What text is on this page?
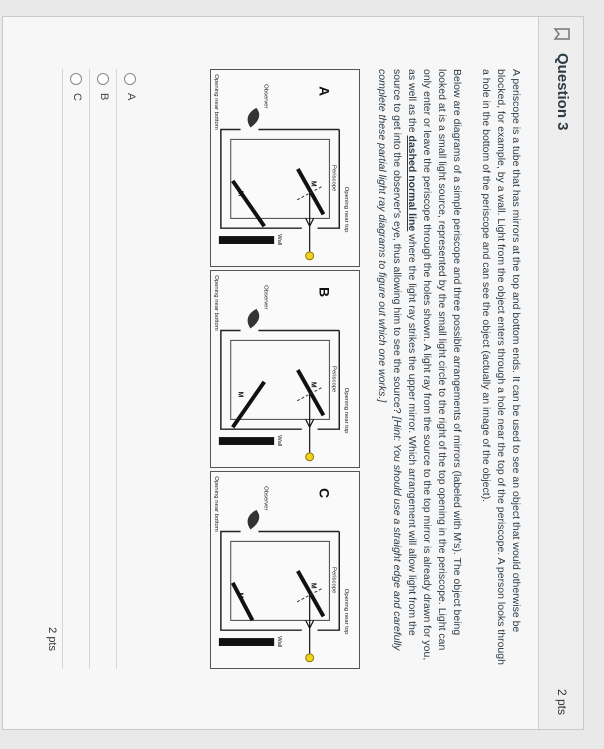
Question 3
2 pts

A periscope is a tube that has mirrors at the top and bottom ends. It can be used to see an object that would otherwise be blocked, for example, by a wall. Light from the object enters through a hole near the top of the periscope. A person looks through a hole in the bottom of the periscope and can see the object (actually an image of the object).

Below are diagrams of a simple periscope and three possible arrangements of mirrors (labeled with M's). The object being looked at is a small light source, represented by the small light circle to the right of the top opening in the periscope. Light can only enter or leave the periscope through the holes shown. A light ray from the source to the top mirror is already drawn for you, as well as the dashed normal line where the light ray strikes the upper mirror. Which arrangement will allow light from the source to get into the observer's eye, thus allowing him to see the source? [Hint: You should use a straight edge and carefully complete these partial light ray diagrams to figure out which one works.]

Opening near top
Periscope
Opening near bottom	Observer
Wall
M
M
A
Opening near top
Periscope
Opening near bottom	Observer
Wall
M
M
B
Opening near top
Periscope
Opening near bottom	Observer
Wall
M
M
C
A
B
C
2 pts
